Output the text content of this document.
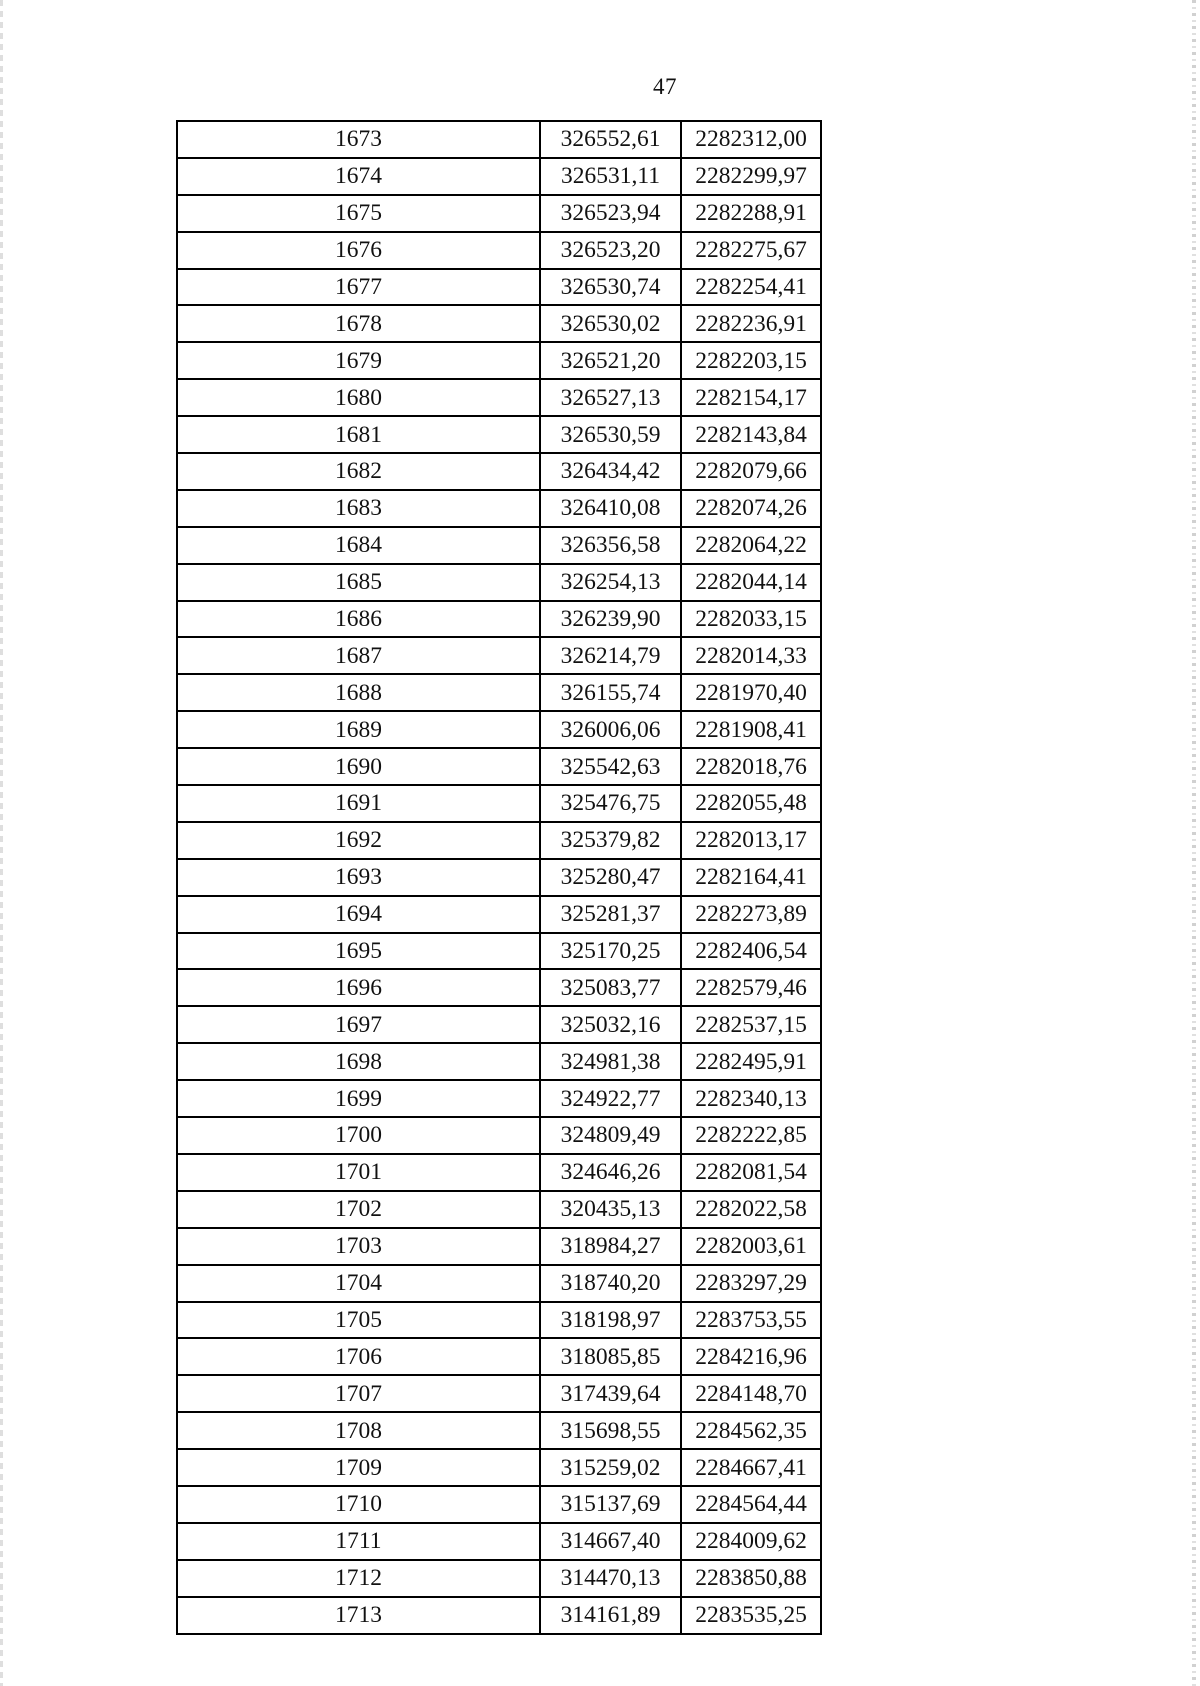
47
1673	326552,61	2282312,00
1674	326531,11	2282299,97
1675	326523,94	2282288,91
1676	326523,20	2282275,67
1677	326530,74	2282254,41
1678	326530,02	2282236,91
1679	326521,20	2282203,15
1680	326527,13	2282154,17
1681	326530,59	2282143,84
1682	326434,42	2282079,66
1683	326410,08	2282074,26
1684	326356,58	2282064,22
1685	326254,13	2282044,14
1686	326239,90	2282033,15
1687	326214,79	2282014,33
1688	326155,74	2281970,40
1689	326006,06	2281908,41
1690	325542,63	2282018,76
1691	325476,75	2282055,48
1692	325379,82	2282013,17
1693	325280,47	2282164,41
1694	325281,37	2282273,89
1695	325170,25	2282406,54
1696	325083,77	2282579,46
1697	325032,16	2282537,15
1698	324981,38	2282495,91
1699	324922,77	2282340,13
1700	324809,49	2282222,85
1701	324646,26	2282081,54
1702	320435,13	2282022,58
1703	318984,27	2282003,61
1704	318740,20	2283297,29
1705	318198,97	2283753,55
1706	318085,85	2284216,96
1707	317439,64	2284148,70
1708	315698,55	2284562,35
1709	315259,02	2284667,41
1710	315137,69	2284564,44
1711	314667,40	2284009,62
1712	314470,13	2283850,88
1713	314161,89	2283535,25
